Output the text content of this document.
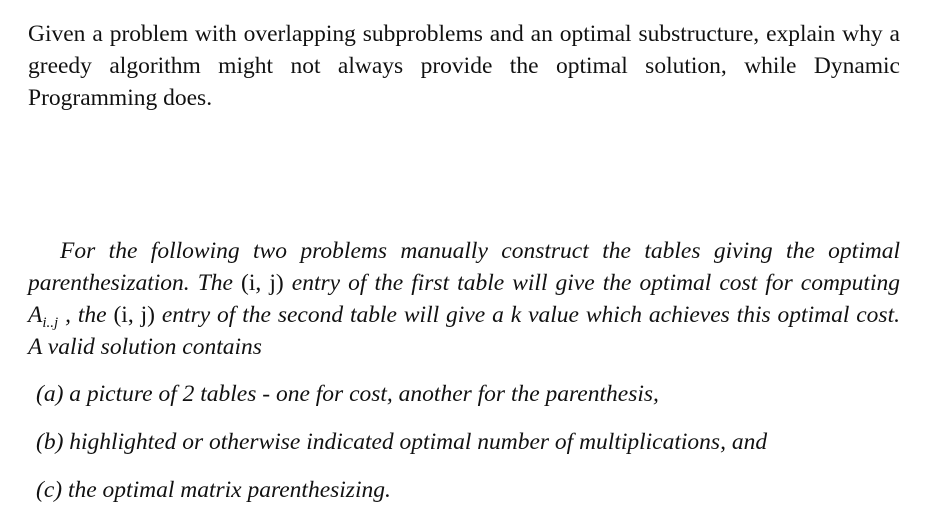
Given a problem with overlapping subproblems and an optimal substructure, explain why a greedy algorithm might not always provide the optimal solution, while Dynamic Programming does.
For the following two problems manually construct the tables giving the optimal parenthesization. The (i, j) entry of the first table will give the optimal cost for computing $A_{i..j}$ , the (i, j) entry of the second table will give a k value which achieves this optimal cost. A valid solution contains
(a) a picture of 2 tables - one for cost, another for the parenthesis,
(b) highlighted or otherwise indicated optimal number of multiplications, and
(c) the optimal matrix parenthesizing.
